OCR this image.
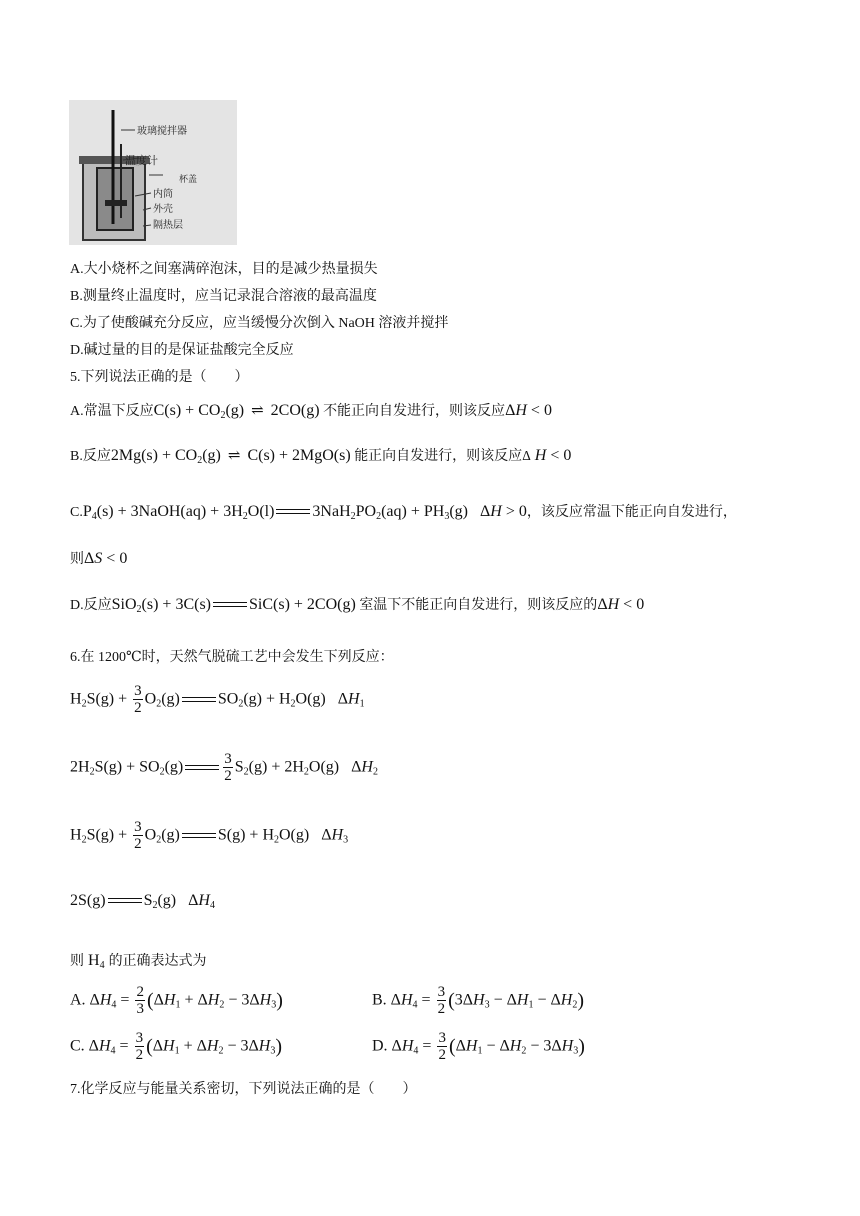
玻璃搅拌器
温度计
杯盖
内筒
外壳
隔热层
A.大小烧杯之间塞满碎泡沫，目的是减少热量损失
B.测量终止温度时，应当记录混合溶液的最高温度
C.为了使酸碱充分反应，应当缓慢分次倒入 NaOH 溶液并搅拌
D.碱过量的目的是保证盐酸完全反应
5.下列说法正确的是（　　）
A.常温下反应$C(s) + CO_2(g)$ ⇌ 2CO(g) 不能正向自发进行，则该反应ΔH < 0
B.反应$2Mg(s) + CO_2(g)$ ⇌ C(s) + 2MgO(s) 能正向自发进行，则该反应Δ H < 0
$C.P_4(s)$ + 3NaOH(aq) + $3H_2O(l) 3NaH_2PO_2(aq) + PH_3(g) \Delta H > 0$，该反应常温下能正向自发进行，
则ΔS < 0
D.反应SiO$_2$(s) + 3C(s) SiC(s) + 2CO(g) 室温下不能正向自发进行，则该反应的ΔH < 0
6.在 1200℃时，天然气脱硫工艺中会发生下列反应：
$H_2S(g) + \frac{3}{2} O_2(g) SO_2(g) + H_2O(g)$   $\Delta H_1$
$2H_2S(g) + SO_2(g)$	$\frac{3}{2} S_2(g) + 2H_2O(g)$   $\Delta H_2$
$H_2S(g) + \frac{3}{2} O_2(g) S(g) + H_2O(g)$   $\Delta H_3$
2S(g) $S_2(g)$   $\Delta H_4$
则 $H_4$ 的正确表达式为
A. $\Delta H_4 = \frac{2}{3} (\Delta H_1 + \Delta H_2 - 3\Delta H_3)$	B. $\Delta H_4 = \frac{3}{2} (3\Delta H_3 - \Delta H_1 - \Delta H_2)$
C. $\Delta H_4 = \frac{3}{2} (\Delta H_1 + \Delta H_2 - 3\Delta H_3)$	D. $\Delta H_4 = \frac{3}{2} (\Delta H_1 - \Delta H_2 - 3\Delta H_3)$
7.化学反应与能量关系密切，下列说法正确的是（　　）
